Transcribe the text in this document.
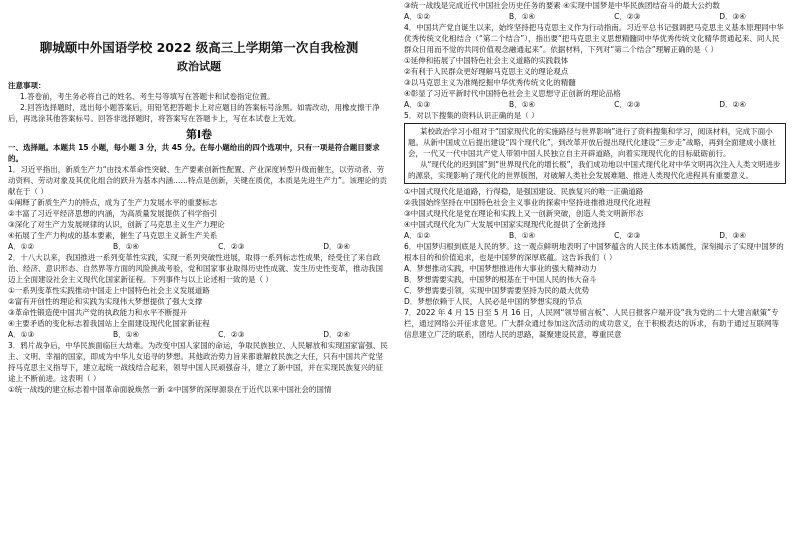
聊城颐中外国语学校 2022 级高三上学期第一次自我检测

政治试题

注意事项：

1.答卷前，考生务必将自己的姓名、考生号等填写在答题卡和试卷指定位置。

2.回答选择题时，选出每小题答案后，用铅笔把答题卡上对应题目的答案标号涂黑。如需改动，用橡皮擦干净后，再选涂其他答案标号。回答非选择题时，将答案写在答题卡上，写在本试卷上无效。

第Ⅰ卷

一、选择题。本题共 15 小题，每小题 3 分，共 45 分。在每小题给出的四个选项中，只有一项是符合题目要求的。

1．习近平指出，新质生产力“由技术革命性突破、生产要素创新性配置、产业深度转型升级而催生，以劳动者、劳动资料、劳动对象及其优化组合的跃升为基本内涵……特点是创新，关键在质优，本质是先进生产力”。该理论的贡献在于（ ）

①阐释了新质生产力的特点，成为了生产力发展水平的重要标志

②丰富了习近平经济思想的内涵，为高质量发展提供了科学指引

③深化了对生产力发展规律的认识，创新了马克思主义生产力理论

④拓展了生产力构成的基本要素，催生了马克思主义新生产关系

A．①②	B．①④	C．②③	D．③④

2．十八大以来，我国推进一系列变革性实践，实现一系列突破性进展，取得一系列标志性成果，经受住了来自政治、经济、意识形态、自然界等方面的风险挑战考验，党和国家事业取得历史性成就、发生历史性变革，推动我国迈上全面建设社会主义现代化国家新征程。下列事件与以上论述相一致的是（ ）

①一系列变革性实践推动中国走上中国特色社会主义发展道路

②富有开创性的理论和实践为实现伟大梦想提供了强大支撑

③革命性锻造使中国共产党的执政能力和水平不断提升

④主要矛盾的变化标志着我国站上全面建设现代化国家新征程

A．①③	B．①④	C．②③	D．②④

3．鸦片战争后，中华民族面临巨大劫难。为改变中国人家国的命运，争取民族独立、人民解放和实现国家富强、民主、文明、幸福的国家，即成为中华儿女追寻的梦想。其他政治势力旨来都谁解救民族之大任，只有中国共产党坚持马克思主义指导下，建立起统一战线结合起来，领导中国人民顽强奋斗，建立了新中国，并在实现民族复兴的征途上不断前进。这表明（ ）

①统一战线的建立标志着中国革命面貌焕然一新 ②中国梦的深厚源泉在于近代以来中国社会的国情

③统一战线是完成近代中国社会历史任务的要素 ④实现中国梦是中华民族团结奋斗的最大公约数

A．①②	B．①④	C．②③	D．③④

4．中国共产党自诞生以来，始终坚持把马克思主义作为行动指南。习近平总书记强调把马克思主义基本原理同中华优秀传统文化相结合（“第二个结合”），指出要“把马克思主义思想精髓同中华优秀传统文化精华贯通起来、同人民群众日用而不觉的共同价值观念融通起来”。依据材料，下列对“第二个结合”理解正确的是（ ）

①延伸和拓展了中国特色社会主义道路的实践载体

②有利于人民群众更好理解马克思主义的理论观点

③以马克思主义为准绳挖掘中华优秀传统文化的精髓

④彰显了习近平新时代中国特色社会主义思想守正创新的理论品格

A．①③	B．①④	C．②③	D．②④

5．对以下搜集的资料认识正确的是（ ）

某校政治学习小组对于“国家现代化的实施路径与世界影响”进行了资料搜集和学习，阅读材料，完成下面小题。从新中国成立后提出建设“四个现代化”，到改革开放后提出现代化建设“三步走”战略，再到全面建成小康社会，一代又一代中国共产党人带领中国人民独立自主开辟道路，向着实现现代化的目标砥砺前行。

从“现代化的迟到国”到“世界现代化的增长极”，我们成功地以中国式现代化对中华文明再次注入人类文明进步的源泉，实现影响了现代化的世界版图，对破解人类社会发展难题、推进人类现代化进程具有重要意义。

①中国式现代化是道路，行得稳，是强国建设、民族复兴的唯一正确道路

②我国始终坚持在中国特色社会主义事业的探索中坚持进推推进现代化进程

③中国式现代化是党在理论和实践上又一创新突破，创造人类文明新形态

④中国式现代化为广大发展中国家实现现代化提供了全新选择

A．①②	B．①④	C．②③	D．③④

6．中国梦归根到底是人民的梦。这一观点鲜明地表明了中国梦蕴含的人民主体本质属性，深刻揭示了实现中国梦的根本目的和价值追求，也是中国梦的深厚底蕴。这告诉我们（ ）

A．梦想推动实践，中国梦想推进伟大事业的强大精神动力

B．梦想需要实践，中国梦的根基在于中国人民的伟大奋斗

C．梦想需要引领，实现中国梦需要坚持为民的最大优势

D．梦想依赖于人民，人民必是中国的梦想实现的节点

7．2022 年 4 月 15 日至 5 月 16 日，人民网“领导留言板”、人民日报客户端开设“我为党的二十大建言献策”专栏，通过网络公开征求意见。广大群众通过参加这次活动的成功意义，在于积极表达的诉求，有助于通过互联网等信息建立广泛的联系，团结人民的思路，凝聚建设民意，尊重民意
